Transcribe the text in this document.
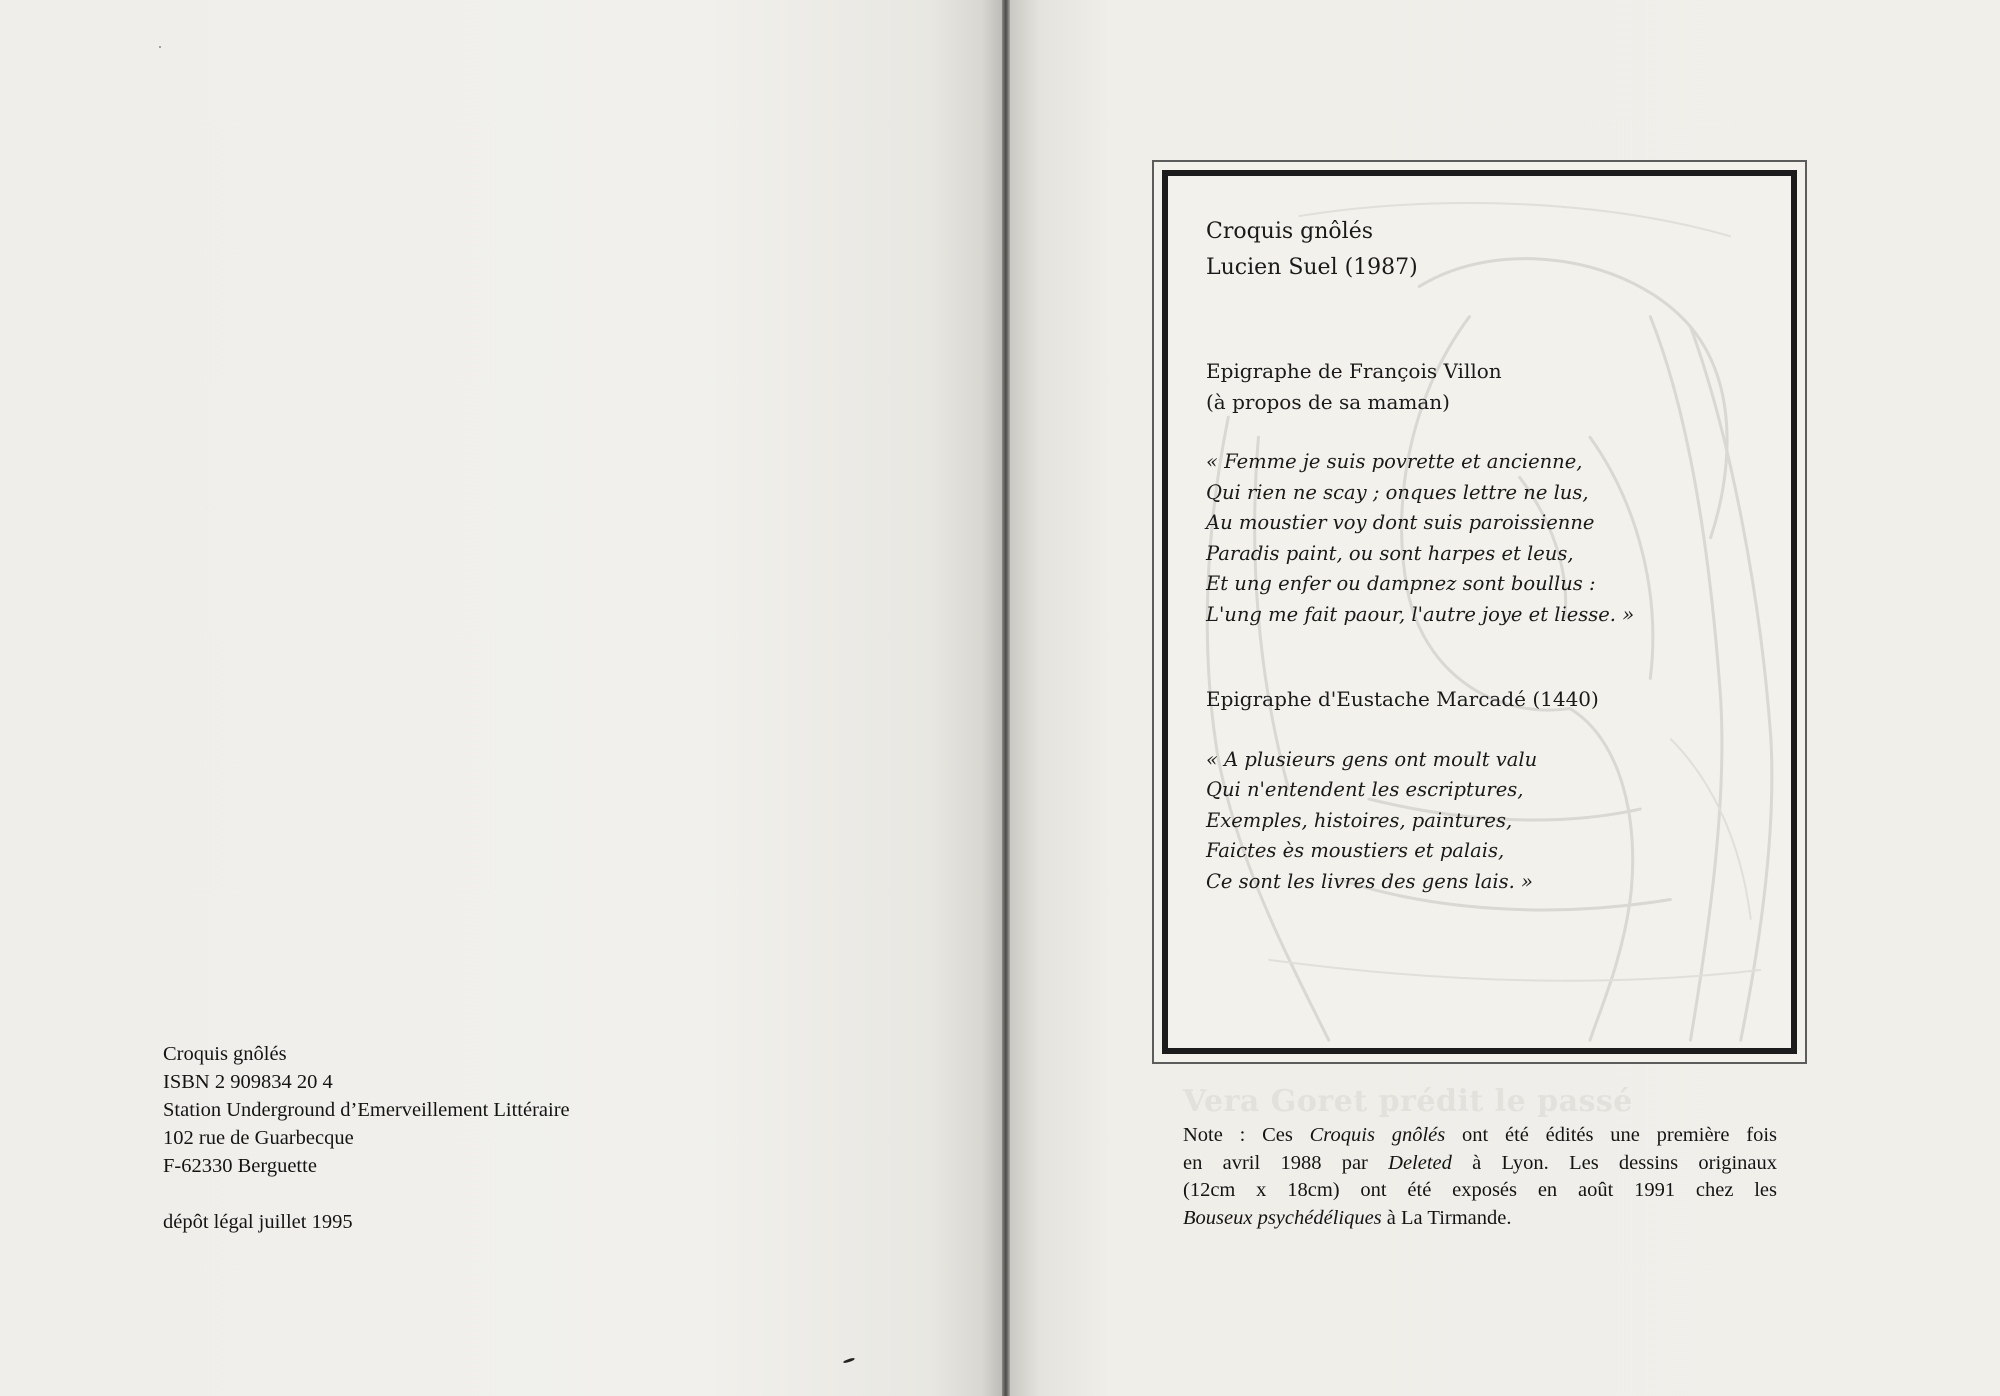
Croquis gnôlés
ISBN 2 909834 20 4
Station Underground d’Emerveillement Littéraire
102 rue de Guarbecque
F-62330 Berguette
dépôt légal juillet 1995
Croquis gnôlés
Lucien Suel (1987)
Epigraphe de François Villon
(à propos de sa maman)
« Femme je suis povrette et ancienne,
Qui rien ne scay ; onques lettre ne lus,
Au moustier voy dont suis paroissienne
Paradis paint, ou sont harpes et leus,
Et ung enfer ou dampnez sont boullus :
L'ung me fait paour, l'autre joye et liesse. »
Epigraphe d'Eustache Marcadé (1440)
« A plusieurs gens ont moult valu
Qui n'entendent les escriptures,
Exemples, histoires, paintures,
Faictes ès moustiers et palais,
Ce sont les livres des gens lais. »
Vera Goret prédit le passé
Note : Ces Croquis gnôlés ont été édités une première fois
en avril 1988 par Deleted à Lyon. Les dessins originaux
(12cm x 18cm) ont été exposés en août 1991 chez les
Bouseux psychédéliques à La Tirmande.
